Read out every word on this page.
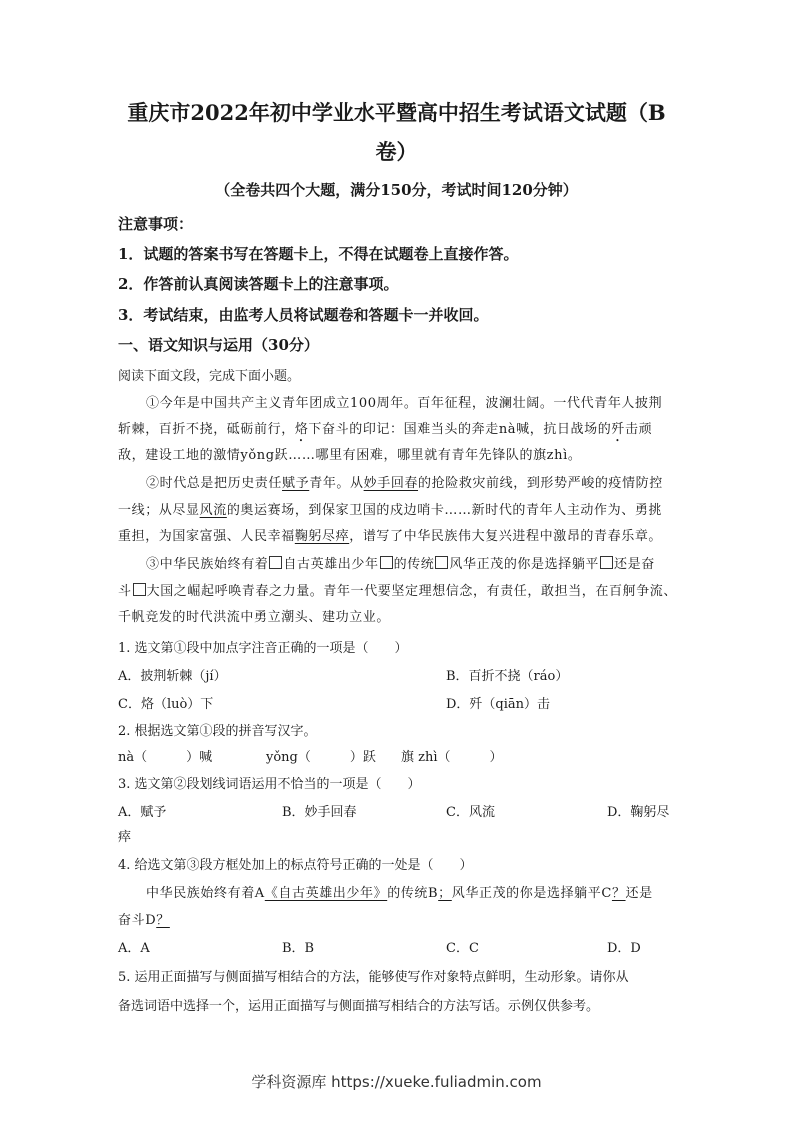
重庆市2022年初中学业水平暨高中招生考试语文试题（B
卷）
（全卷共四个大题，满分150分，考试时间120分钟）
注意事项：
1．试题的答案书写在答题卡上，不得在试题卷上直接作答。
2．作答前认真阅读答题卡上的注意事项。
3．考试结束，由监考人员将试题卷和答题卡一并收回。
一、语文知识与运用（30分）
阅读下面文段，完成下面小题。
①今年是中国共产主义青年团成立100周年。百年征程，波澜壮阔。一代代青年人披荆
斩棘，百折不挠，砥砺前行，烙下奋斗的印记：国难当头的奔走nà喊，抗日战场的歼击顽
敌，建设工地的激情yǒng跃……哪里有困难，哪里就有青年先锋队的旗zhì。
②时代总是把历史责任赋予青年。从妙手回春的抢险救灾前线，到形势严峻的疫情防控
一线；从尽显风流的奥运赛场，到保家卫国的戍边哨卡……新时代的青年人主动作为、勇挑
重担，为国家富强、人民幸福鞠躬尽瘁，谱写了中华民族伟大复兴进程中激昂的青春乐章。
③中华民族始终有着 自古英雄出少年 的传统 风华正茂的你是选择躺平 还是奋
斗 大国之崛起呼唤青春之力量。青年一代要坚定理想信念，有责任，敢担当，在百舸争流、
千帆竞发的时代洪流中勇立潮头、建功立业。
1. 选文第①段中加点字注音正确的一项是（　　）
A．披荆斩棘（jí）	B．百折不挠（ráo）
C．烙（luò）下	D．歼（qiān）击
2. 根据选文第①段的拼音写汉字。
nà（　　　）喊	yǒng（　　　）跃 旗 zhì（　　　）
3. 选文第②段划线词语运用不恰当的一项是（　　）
A．赋予	B．妙手回春	C．风流	D．鞠躬尽
瘁
4. 给选文第③段方框处加上的标点符号正确的一处是（　　）
中华民族始终有着A《自古英雄出少年》的传统B；风华正茂的你是选择躺平C？还是
奋斗D？
A．A	B．B	C．C	D．D
5. 运用正面描写与侧面描写相结合的方法，能够使写作对象特点鲜明，生动形象。请你从
备选词语中选择一个，运用正面描写与侧面描写相结合的方法写话。示例仅供参考。
学科资源库 https://xueke.fuliadmin.com
